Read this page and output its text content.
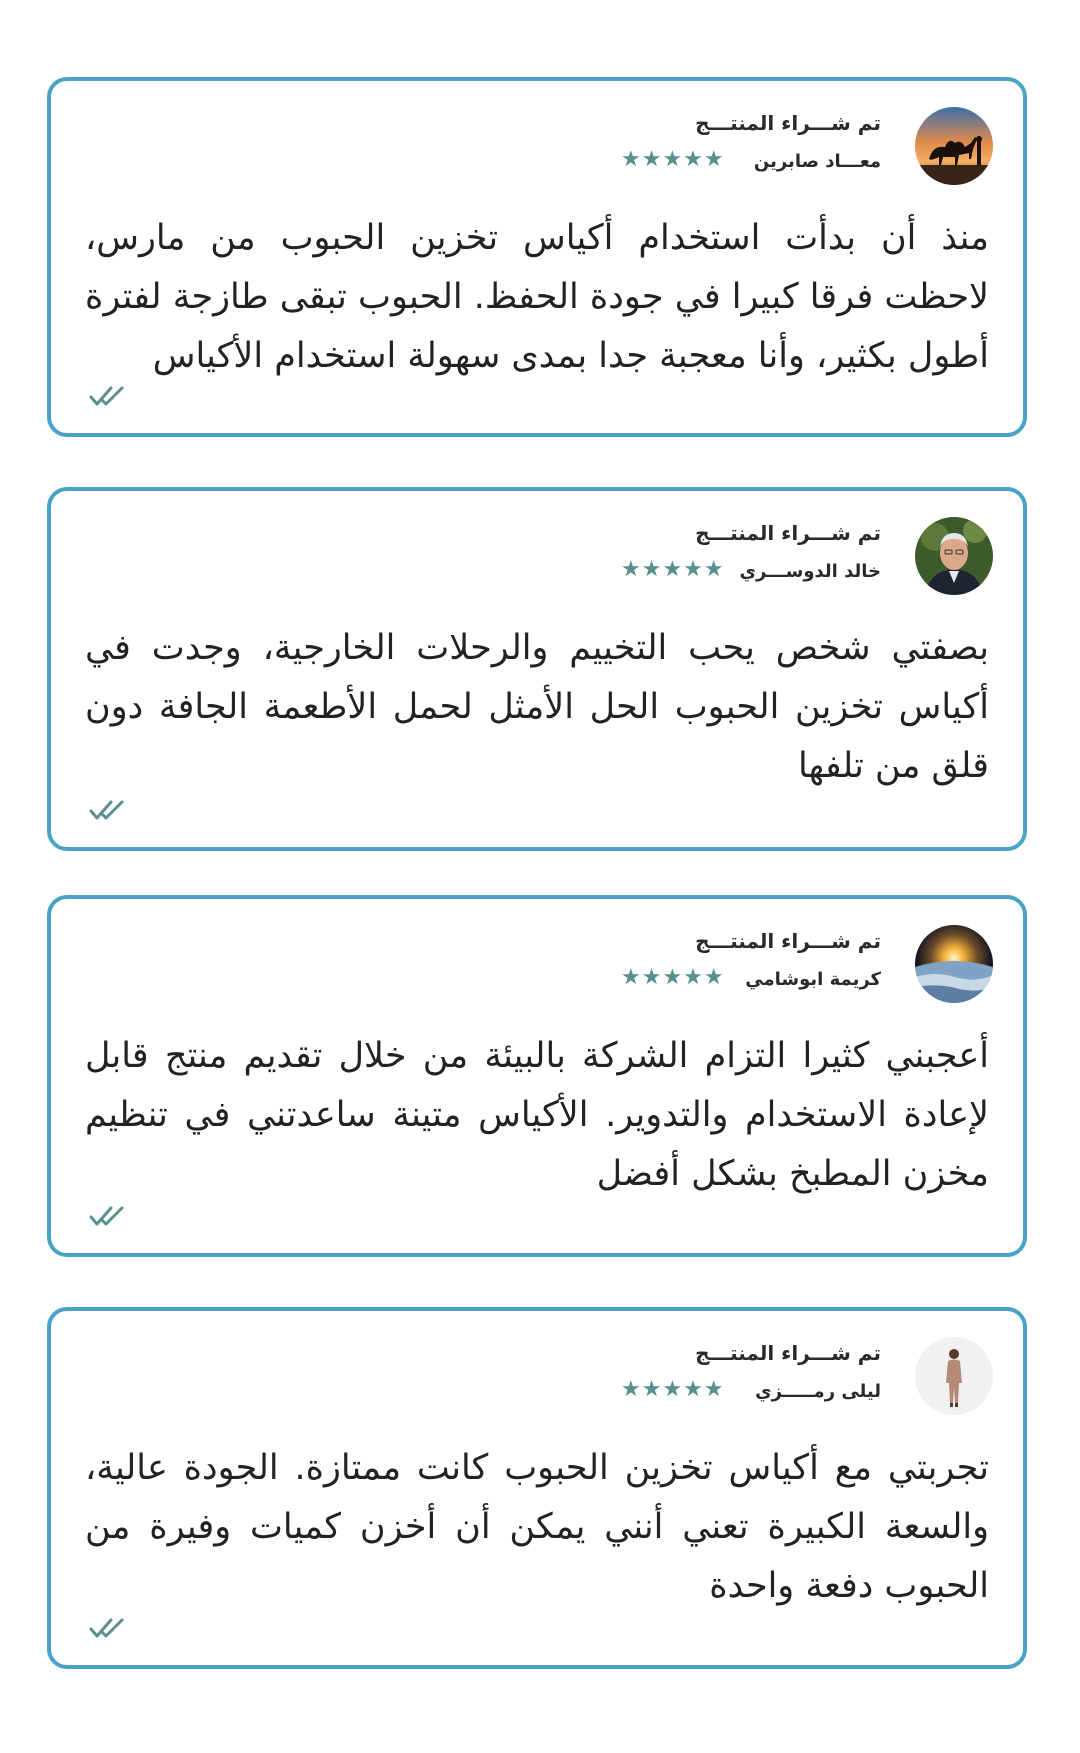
تم شـــراء المنتـــج
معـــاد صابرين
★★★★★
منذ أن بدأت استخدام أكياس تخزين الحبوب من مارس، لاحظت فرقا كبيرا في جودة الحفظ. الحبوب تبقى طازجة لفترة أطول بكثير، وأنا معجبة جدا بمدى سهولة استخدام الأكياس
تم شـــراء المنتـــج
خالد الدوســـري
★★★★★
بصفتي شخص يحب التخييم والرحلات الخارجية، وجدت في أكياس تخزين الحبوب الحل الأمثل لحمل الأطعمة الجافة دون قلق من تلفها
تم شـــراء المنتـــج
كريمة ابوشامي
★★★★★
أعجبني كثيرا التزام الشركة بالبيئة من خلال تقديم منتج قابل لإعادة الاستخدام والتدوير. الأكياس متينة ساعدتني في تنظيم مخزن المطبخ بشكل أفضل
تم شـــراء المنتـــج
ليلى رمـــــزي
★★★★★
تجربتي مع أكياس تخزين الحبوب كانت ممتازة. الجودة عالية، والسعة الكبيرة تعني أنني يمكن أن أخزن كميات وفيرة من الحبوب دفعة واحدة
